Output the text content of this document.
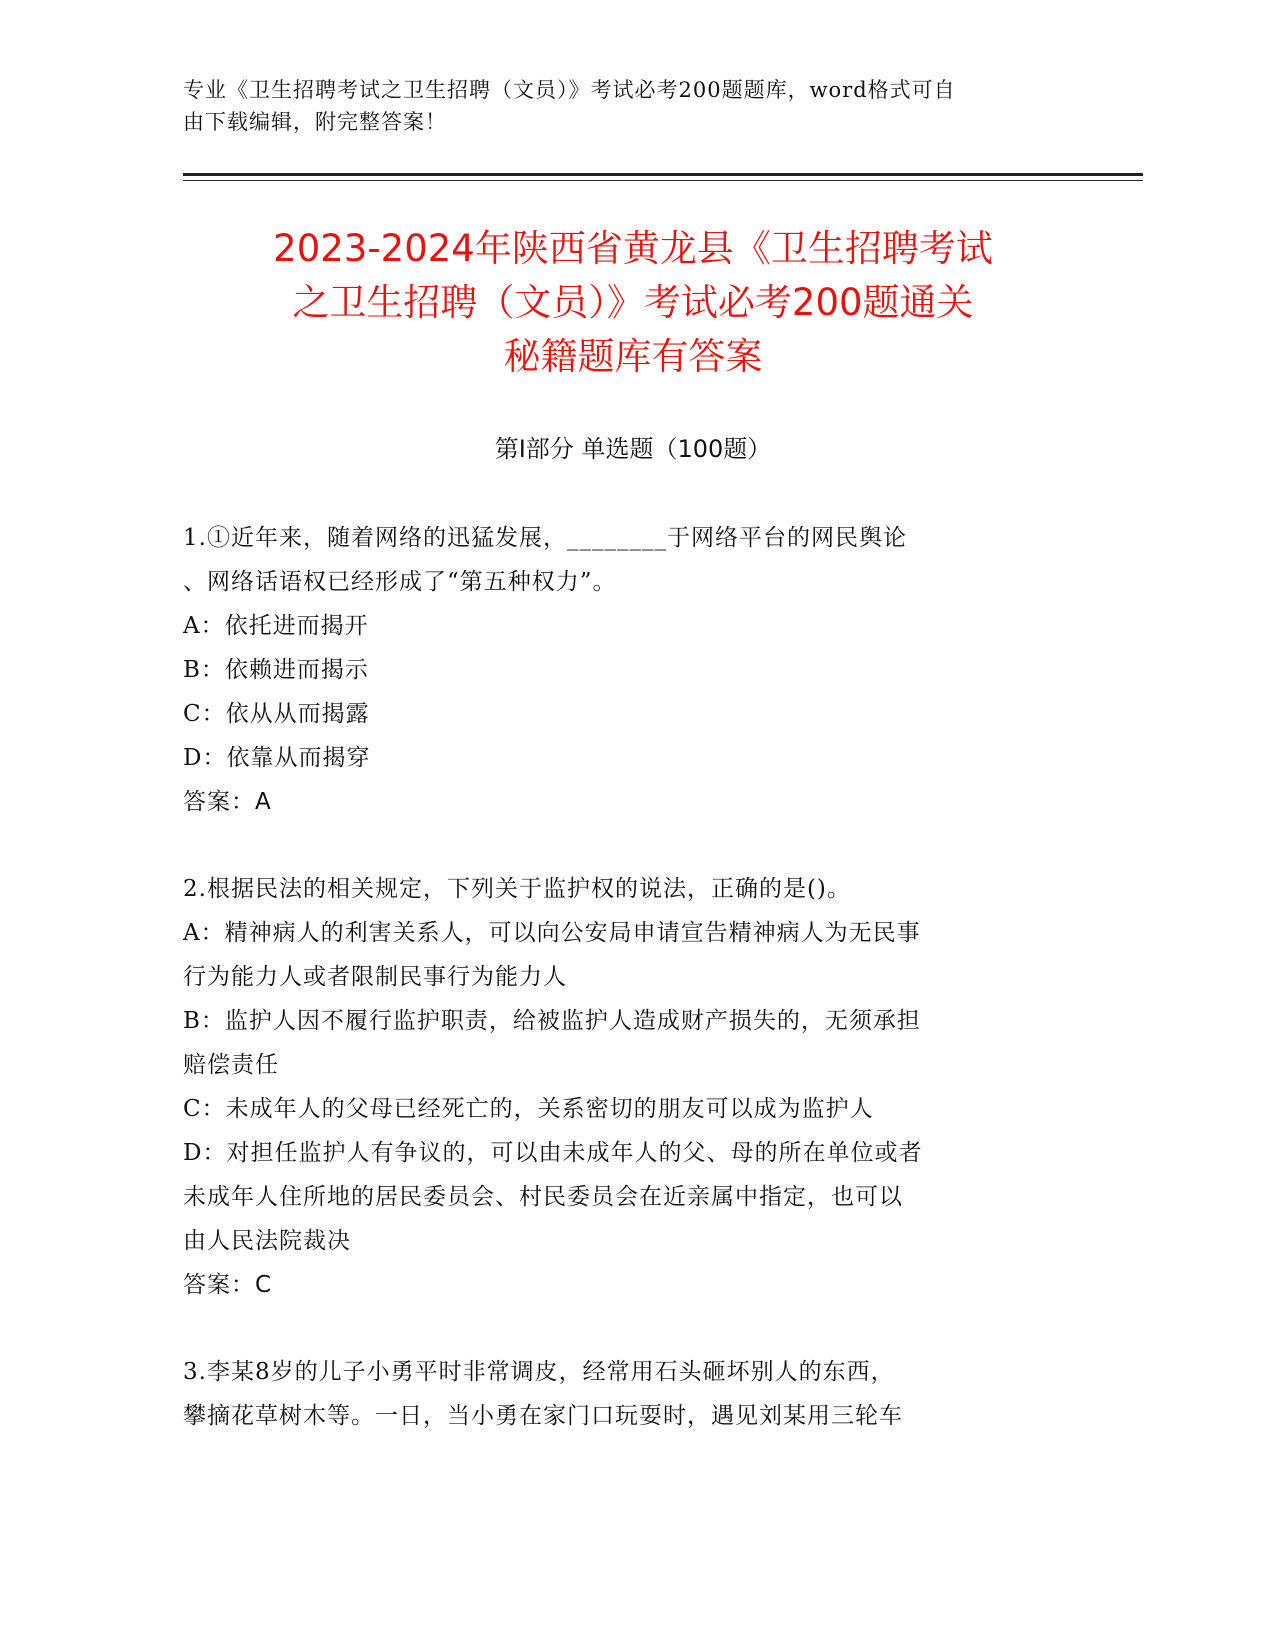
专业《卫生招聘考试之卫生招聘（文员）》考试必考200题题库，word格式可自
由下载编辑，附完整答案！
2023-2024年陕西省黄龙县《卫生招聘考试
之卫生招聘（文员）》考试必考200题通关
秘籍题库有答案
第Ⅰ部分 单选题（100题）

1.①近年来，随着网络的迅猛发展，________于网络平台的网民舆论

、网络话语权已经形成了“第五种权力”。

A：依托进而揭开

B：依赖进而揭示

C：依从从而揭露

D：依靠从而揭穿

答案：A

2.根据民法的相关规定，下列关于监护权的说法，正确的是()。

A：精神病人的利害关系人，可以向公安局申请宣告精神病人为无民事

行为能力人或者限制民事行为能力人

B：监护人因不履行监护职责，给被监护人造成财产损失的，无须承担

赔偿责任

C：未成年人的父母已经死亡的，关系密切的朋友可以成为监护人

D：对担任监护人有争议的，可以由未成年人的父、母的所在单位或者

未成年人住所地的居民委员会、村民委员会在近亲属中指定，也可以

由人民法院裁决

答案：C

3.李某8岁的儿子小勇平时非常调皮，经常用石头砸坏别人的东西，

攀摘花草树木等。一日，当小勇在家门口玩耍时，遇见刘某用三轮车
